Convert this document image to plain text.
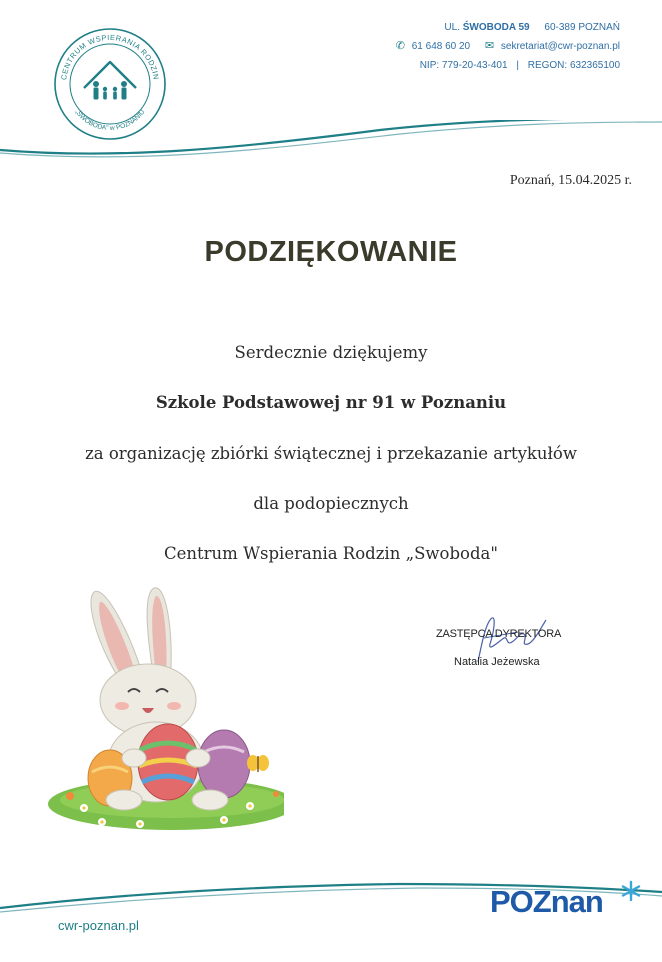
CENTRUM WSPIERANIA RODZIN
„SWOBODA" w POZNANIU
UL. ŚWOBODA 59 60-389 POZNAŃ
✆ 61 648 60 20 ✉ sekretariat@cwr-poznan.pl
NIP: 779-20-43-401 | REGON: 632365100
Poznań, 15.04.2025 r.
PODZIĘKOWANIE
Serdecznie dziękujemy
Szkole Podstawowej nr 91 w Poznaniu
za organizację zbiórki świątecznej i przekazanie artykułów
dla podopiecznych
Centrum Wspierania Rodzin „Swoboda"
ZASTĘPCA DYREKTORA
Natalia Jeżewska
cwr-poznan.pl
POZnan
